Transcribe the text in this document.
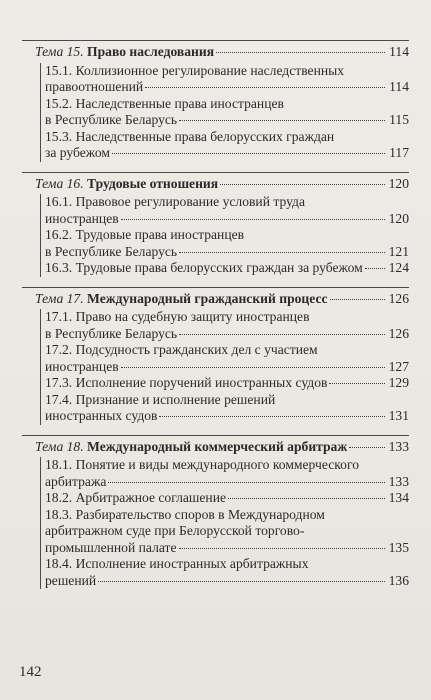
Тема 15. Право наследования	114
15.1. Коллизионное регулирование наследственных
правоотношений	114
15.2. Наследственные права иностранцев
в Республике Беларусь	115
15.3. Наследственные права белорусских граждан
за рубежом	117
Тема 16. Трудовые отношения	120
16.1. Правовое регулирование условий труда
иностранцев	120
16.2. Трудовые права иностранцев
в Республике Беларусь	121
16.3. Трудовые права белорусских граждан за рубежом 124
Тема 17. Международный гражданский процесс	126
17.1. Право на судебную защиту иностранцев
в Республике Беларусь	126
17.2. Подсудность гражданских дел с участием
иностранцев	127
17.3. Исполнение поручений иностранных судов	129
17.4. Признание и исполнение решений
иностранных судов	131
Тема 18. Международный коммерческий арбитраж	133
18.1. Понятие и виды международного коммерческого
арбитража	133
18.2. Арбитражное соглашение	134
18.3. Разбирательство споров в Международном
арбитражном суде при Белорусской торгово-
промышленной палате	135
18.4. Исполнение иностранных арбитражных
решений	136
142
